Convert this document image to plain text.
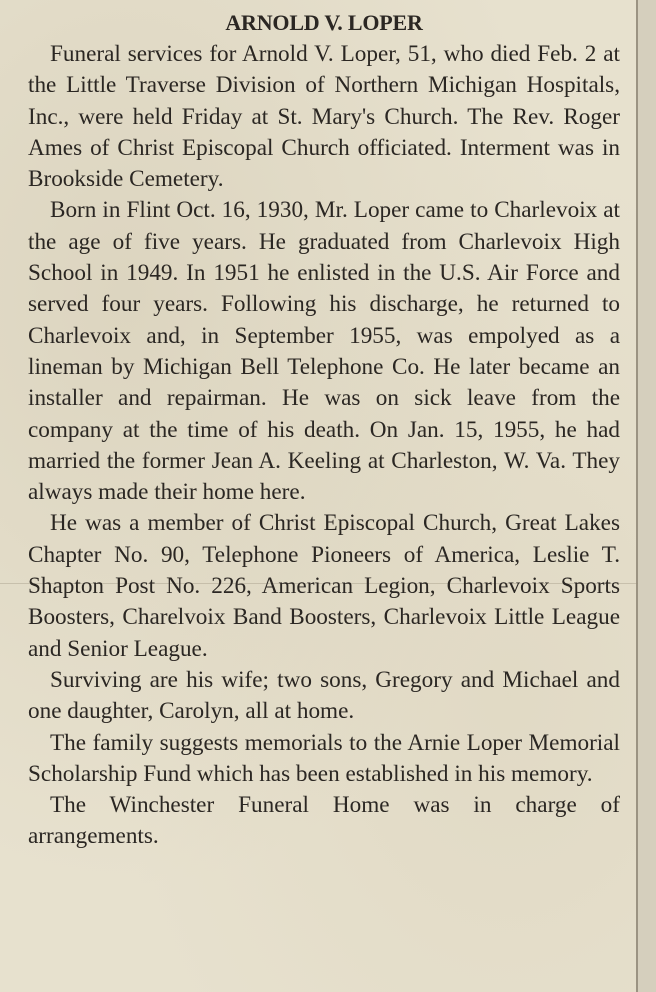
ARNOLD V. LOPER

Funeral services for Arnold V. Loper, 51, who died Feb. 2 at the Little Traverse Division of Northern Michigan Hospitals, Inc., were held Friday at St. Mary's Church. The Rev. Roger Ames of Christ Episcopal Church officiated. Interment was in Brookside Cemetery.

Born in Flint Oct. 16, 1930, Mr. Loper came to Charlevoix at the age of five years. He graduated from Charlevoix High School in 1949. In 1951 he enlisted in the U.S. Air Force and served four years. Following his discharge, he returned to Charlevoix and, in September 1955, was empolyed as a lineman by Michigan Bell Telephone Co. He later became an installer and repairman. He was on sick leave from the company at the time of his death. On Jan. 15, 1955, he had married the former Jean A. Keeling at Charleston, W. Va. They always made their home here.

He was a member of Christ Episcopal Church, Great Lakes Chapter No. 90, Telephone Pioneers of America, Leslie T. Shapton Post No. 226, American Legion, Charlevoix Sports Boosters, Charelvoix Band Boosters, Charlevoix Little League and Senior League.

Surviving are his wife; two sons, Gregory and Michael and one daughter, Carolyn, all at home.

The family suggests memorials to the Arnie Loper Memorial Scholarship Fund which has been established in his memory.

The Winchester Funeral Home was in charge of arrangements.
